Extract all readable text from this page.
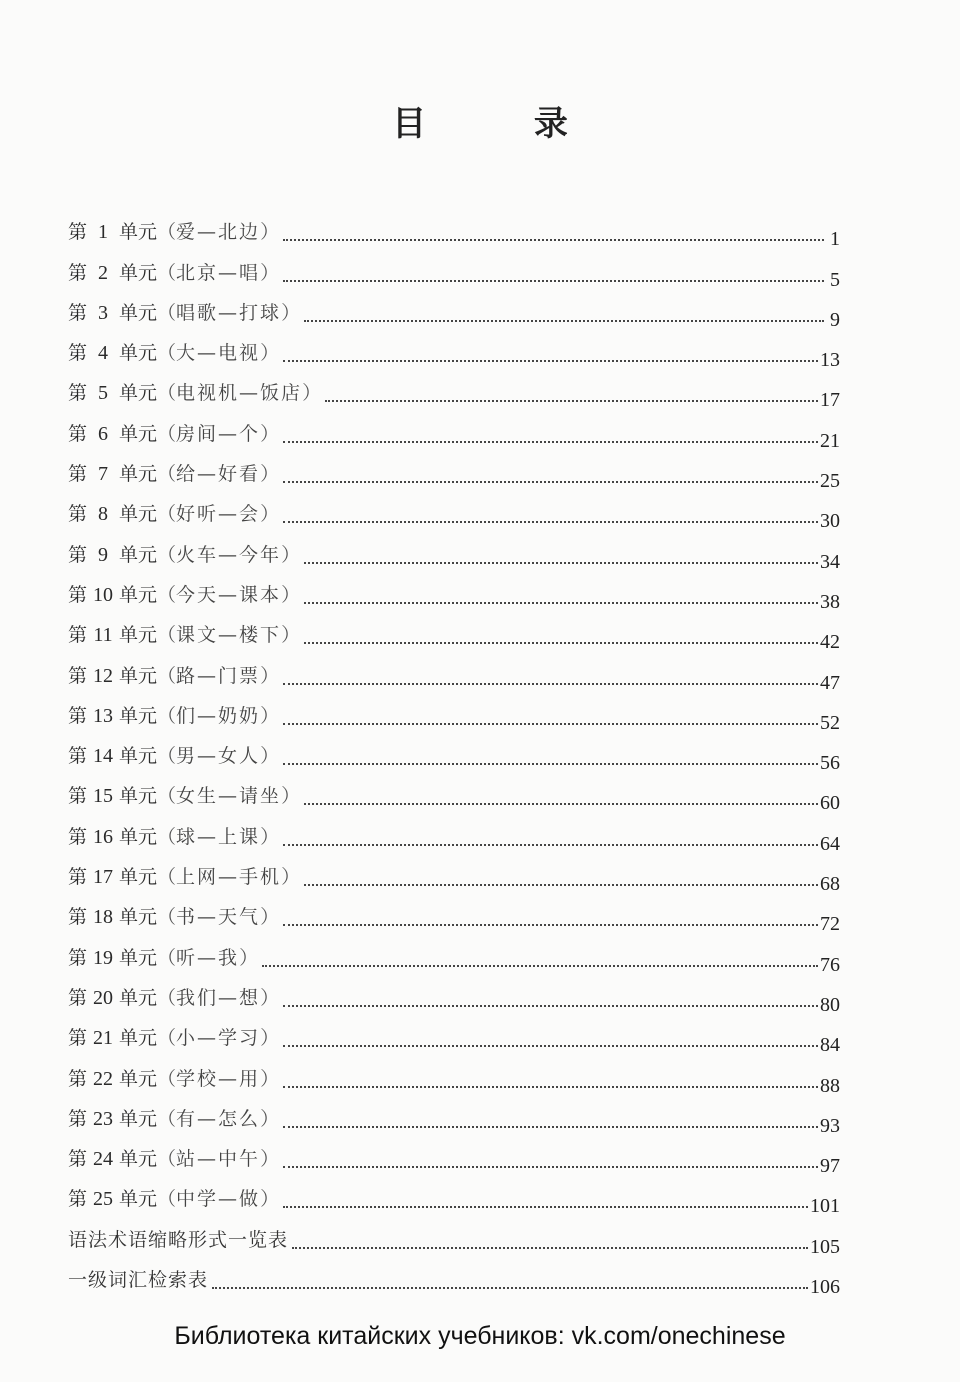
目 录
第 1 单元（爱—北边）	1
第 2 单元（北京—唱）	5
第 3 单元（唱歌—打球）	9
第 4 单元（大—电视）	13
第 5 单元（电视机—饭店）	17
第 6 单元（房间—个）	21
第 7 单元（给—好看）	25
第 8 单元（好听—会）	30
第 9 单元（火车—今年）	34
第 10 单元（今天—课本）	38
第 11 单元（课文—楼下）	42
第 12 单元（路—门票）	47
第 13 单元（们—奶奶）	52
第 14 单元（男—女人）	56
第 15 单元（女生—请坐）	60
第 16 单元（球—上课）	64
第 17 单元（上网—手机）	68
第 18 单元（书—天气）	72
第 19 单元（听—我）	76
第 20 单元（我们—想）	80
第 21 单元（小—学习）	84
第 22 单元（学校—用）	88
第 23 单元（有—怎么）	93
第 24 单元（站—中午）	97
第 25 单元（中学—做）	101
语法术语缩略形式一览表	105
一级词汇检索表	106
Библиотека китайских учебников: vk.com/onechinese
